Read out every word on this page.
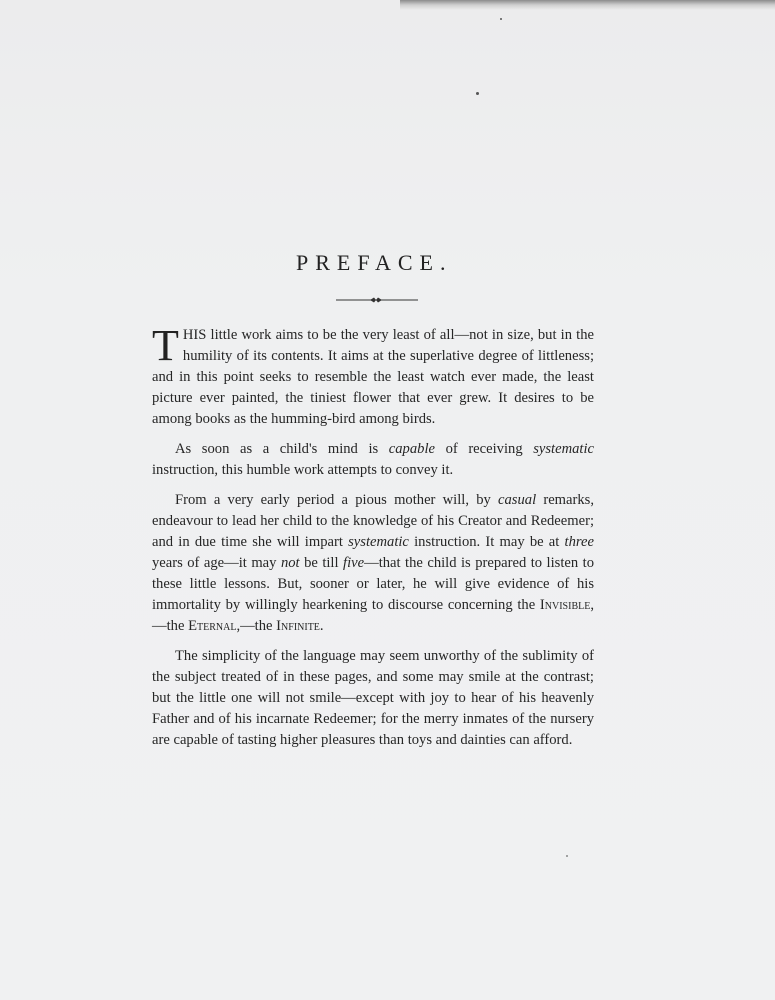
PREFACE.

THIS little work aims to be the very least of all—not in size, but in the humility of its contents. It aims at the superlative degree of littleness; and in this point seeks to resemble the least watch ever made, the least picture ever painted, the tiniest flower that ever grew. It desires to be among books as the humming-bird among birds.

As soon as a child's mind is capable of receiving systematic instruction, this humble work attempts to convey it.

From a very early period a pious mother will, by casual remarks, endeavour to lead her child to the knowledge of his Creator and Redeemer; and in due time she will impart systematic instruction. It may be at three years of age—it may not be till five—that the child is prepared to listen to these little lessons. But, sooner or later, he will give evidence of his immortality by willingly hearkening to discourse concerning the Invisible,—the Eternal,—the Infinite.

The simplicity of the language may seem unworthy of the sublimity of the subject treated of in these pages, and some may smile at the contrast; but the little one will not smile—except with joy to hear of his heavenly Father and of his incarnate Redeemer; for the merry inmates of the nursery are capable of tasting higher pleasures than toys and dainties can afford.
